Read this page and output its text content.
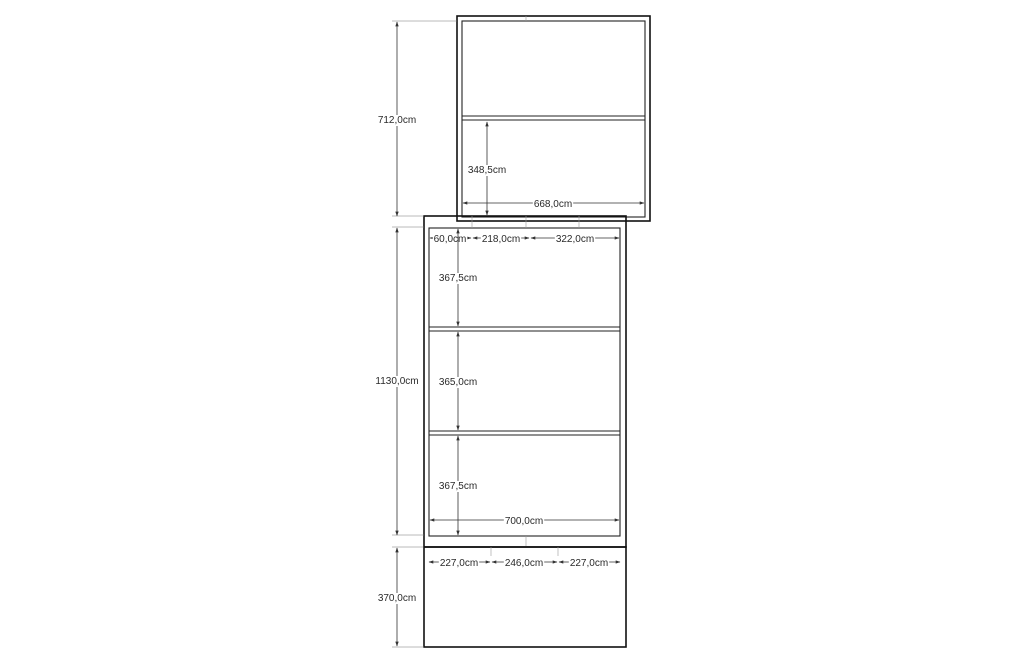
712,0cm
1130,0cm
370,0cm
348,5cm
668,0cm
60,0cm 218,0cm	322,0cm
367,5cm
365,0cm
367,5cm
700,0cm
227,0cm	246,0cm	227,0cm
